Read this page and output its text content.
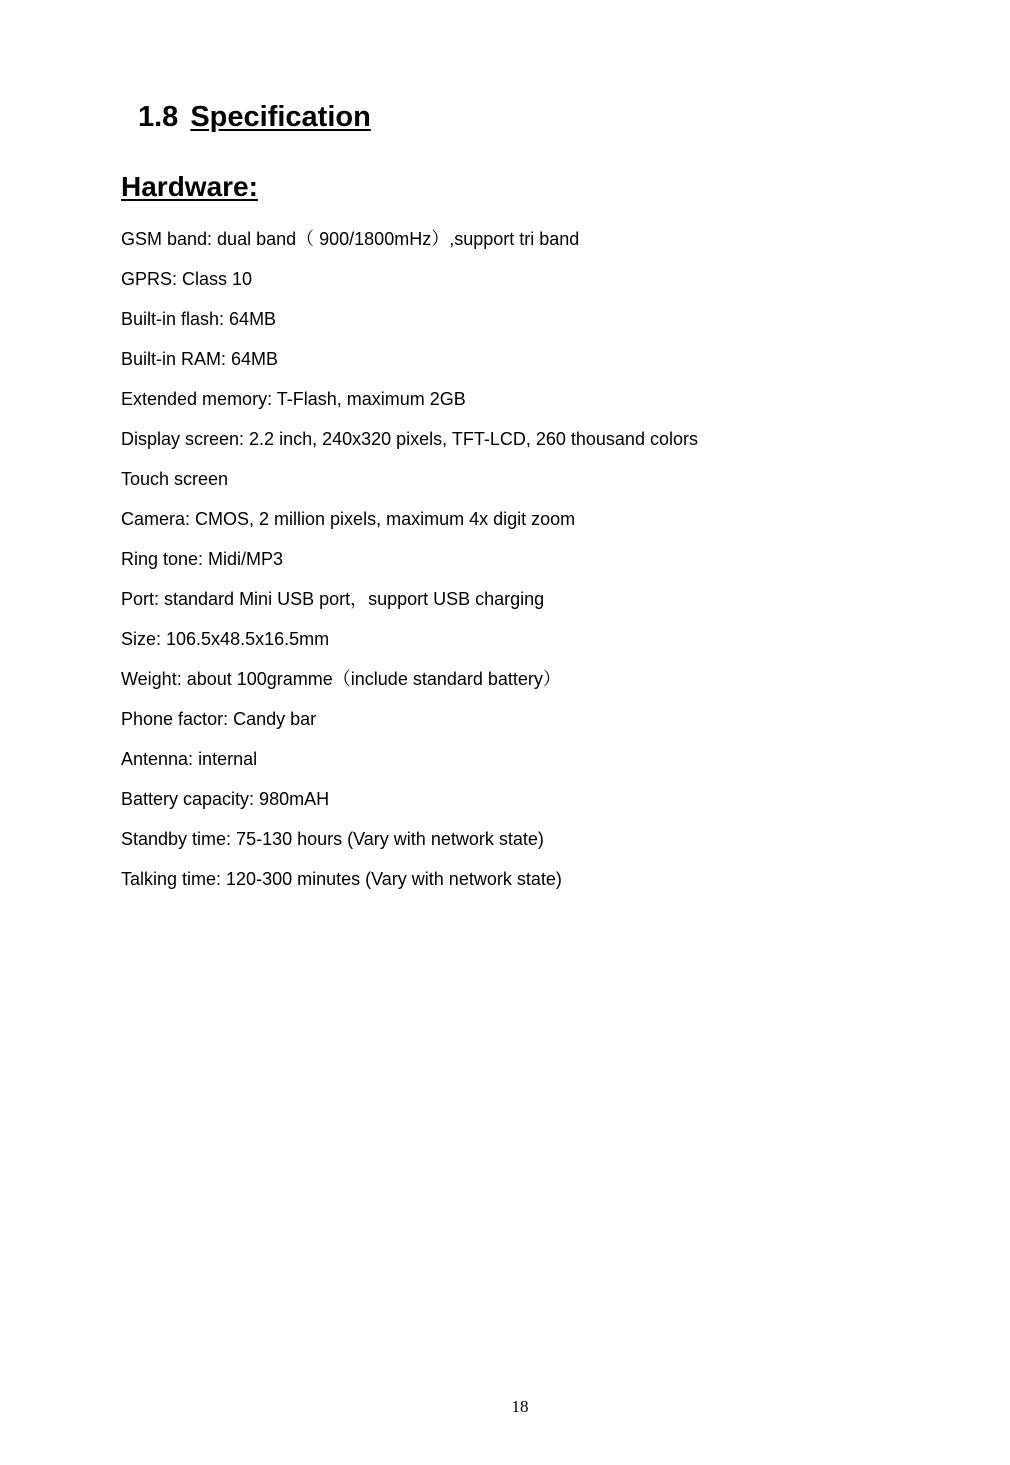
1.8 Specification
Hardware:
GSM band: dual band（ 900/1800mHz）,support tri band
GPRS: Class 10
Built-in flash: 64MB
Built-in RAM: 64MB
Extended memory: T-Flash, maximum 2GB
Display screen: 2.2 inch, 240x320 pixels, TFT-LCD, 260 thousand colors
Touch screen
Camera: CMOS, 2 million pixels, maximum 4x digit zoom
Ring tone: Midi/MP3
Port: standard Mini USB port，support USB charging
Size: 106.5x48.5x16.5mm
Weight: about 100gramme（include standard battery）
Phone factor: Candy bar
Antenna: internal
Battery capacity: 980mAH
Standby time: 75-130 hours (Vary with network state)
Talking time: 120-300 minutes (Vary with network state)
18
